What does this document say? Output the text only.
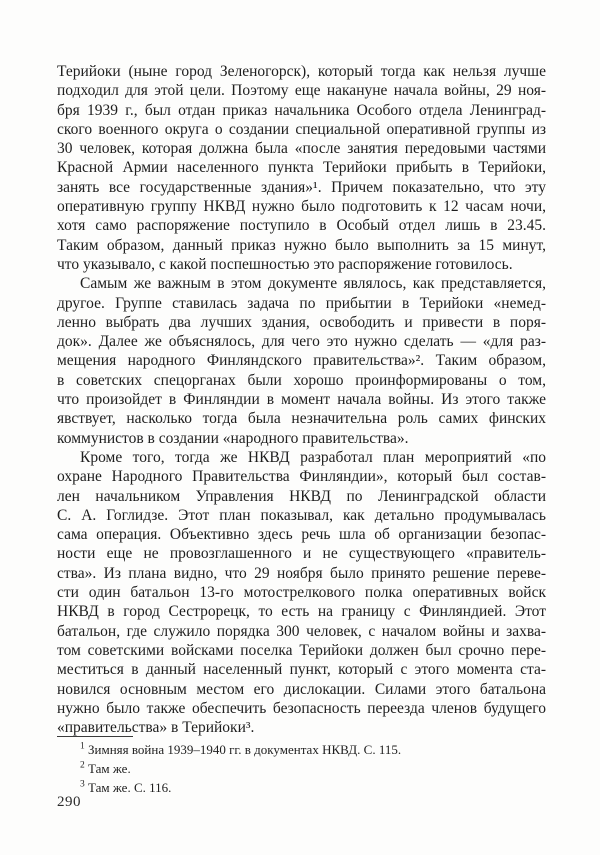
Терийоки (ныне город Зеленогорск), который тогда как нельзя лучше
подходил для этой цели. Поэтому еще накануне начала войны, 29 ноя-
бря 1939 г., был отдан приказ начальника Особого отдела Ленинград-
ского военного округа о создании специальной оперативной группы из
30 человек, которая должна была «после занятия передовыми частями
Красной Армии населенного пункта Терийоки прибыть в Терийоки,
занять все государственные здания»¹. Причем показательно, что эту
оперативную группу НКВД нужно было подготовить к 12 часам ночи,
хотя само распоряжение поступило в Особый отдел лишь в 23.45.
Таким образом, данный приказ нужно было выполнить за 15 минут,
что указывало, с какой поспешностью это распоряжение готовилось.
Самым же важным в этом документе являлось, как представляется,
другое. Группе ставилась задача по прибытии в Терийоки «немед-
ленно выбрать два лучших здания, освободить и привести в поря-
док». Далее же объяснялось, для чего это нужно сделать — «для раз-
мещения народного Финляндского правительства»². Таким образом,
в советских спецорганах были хорошо проинформированы о том,
что произойдет в Финляндии в момент начала войны. Из этого также
явствует, насколько тогда была незначительна роль самих финских
коммунистов в создании «народного правительства».
Кроме того, тогда же НКВД разработал план мероприятий «по
охране Народного Правительства Финляндии», который был состав-
лен начальником Управления НКВД по Ленинградской области
С. А. Гоглидзе. Этот план показывал, как детально продумывалась
сама операция. Объективно здесь речь шла об организации безопас-
ности еще не провозглашенного и не существующего «правитель-
ства». Из плана видно, что 29 ноября было принято решение переве-
сти один батальон 13-го мотострелкового полка оперативных войск
НКВД в город Сестрорецк, то есть на границу с Финляндией. Этот
батальон, где служило порядка 300 человек, с началом войны и захва-
том советскими войсками поселка Терийоки должен был срочно пере-
меститься в данный населенный пункт, который с этого момента ста-
новился основным местом его дислокации. Силами этого батальона
нужно было также обеспечить безопасность переезда членов будущего
«правительства» в Терийоки³.
$^1$ Зимняя война 1939–1940 гг. в документах НКВД. С. 115.
$^2$ Там же.
$^3$ Там же. С. 116.
290
